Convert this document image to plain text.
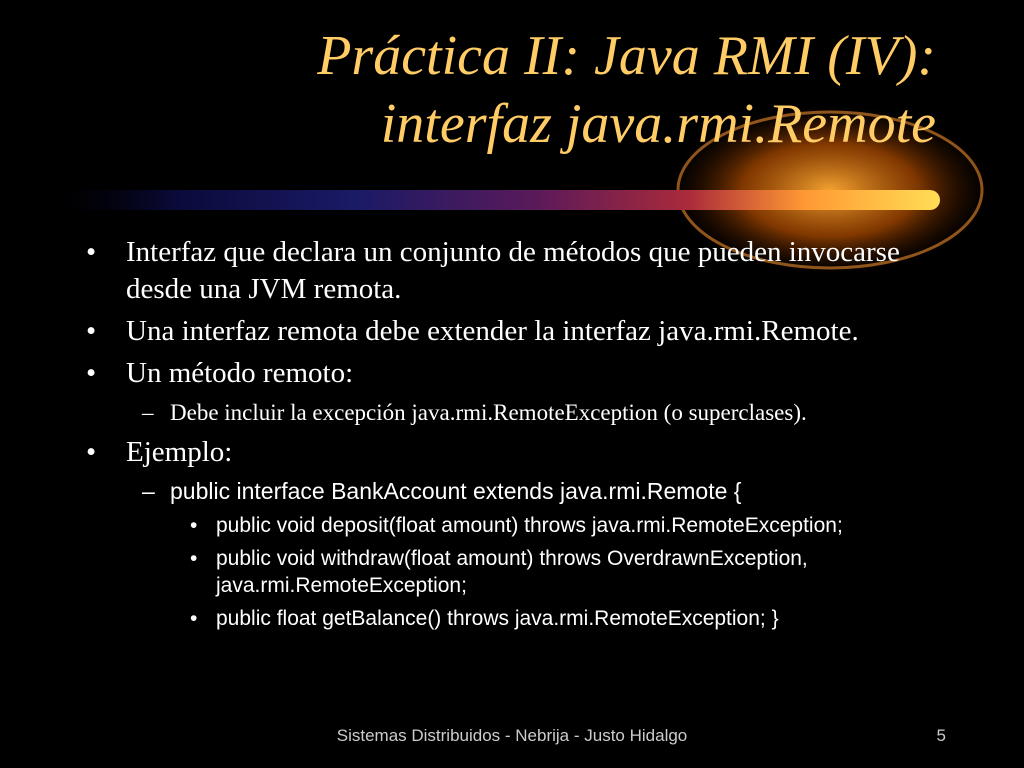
Práctica II: Java RMI (IV):
interfaz java.rmi.Remote
• Interfaz que declara un conjunto de métodos que pueden invocarse desde una JVM remota.
• Una interfaz remota debe extender la interfaz java.rmi.Remote.
• Un método remoto:
– Debe incluir la excepción java.rmi.RemoteException (o superclases).
• Ejemplo:
– public interface BankAccount extends java.rmi.Remote {
• public void deposit(float amount) throws java.rmi.RemoteException;
• public void withdraw(float amount) throws OverdrawnException, java.rmi.RemoteException;
• public float getBalance() throws java.rmi.RemoteException; }
Sistemas Distribuidos - Nebrija - Justo Hidalgo	5
